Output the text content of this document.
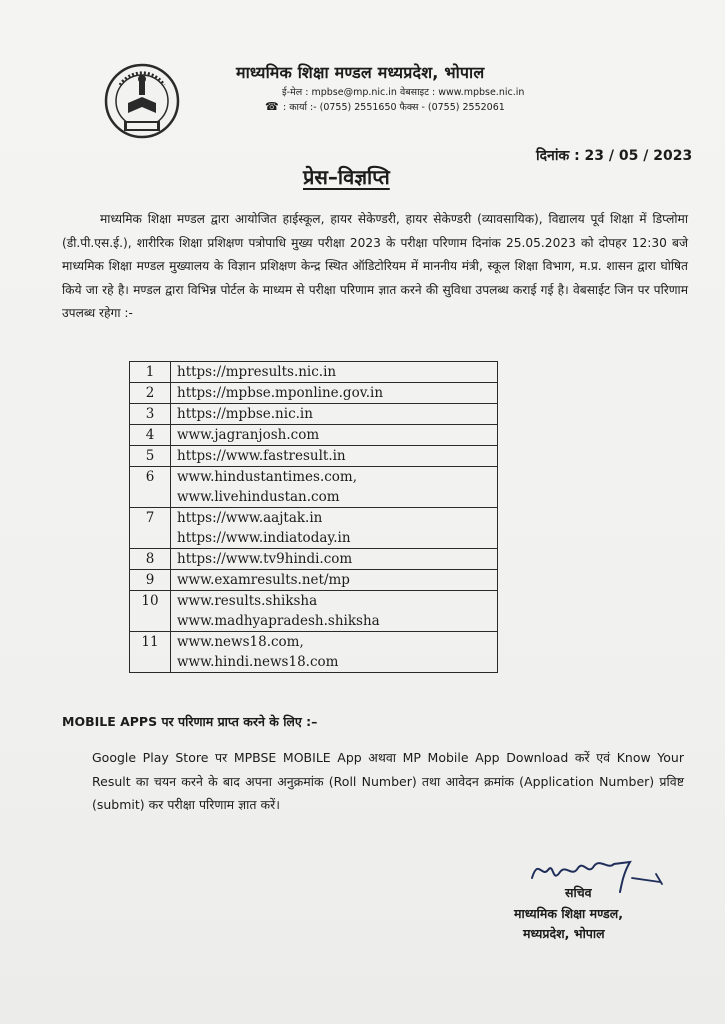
माध्यमिक शिक्षा मण्डल मध्यप्रदेश, भोपाल
ई-मेल : mpbse@mp.nic.in वेबसाइट : www.mpbse.nic.in
☎ : कार्या :- (0755) 2551650 फैक्स - (0755) 2552061
दिनांक : 23 / 05 / 2023
प्रेस–विज्ञप्ति
माध्यमिक शिक्षा मण्डल द्वारा आयोजित हाईस्कूल, हायर सेकेण्डरी, हायर सेकेण्डरी (व्यावसायिक), विद्यालय पूर्व शिक्षा में डिप्लोमा (डी.पी.एस.ई.), शारीरिक शिक्षा प्रशिक्षण पत्रोपाधि मुख्य परीक्षा 2023 के परीक्षा परिणाम दिनांक 25.05.2023 को दोपहर 12:30 बजे माध्यमिक शिक्षा मण्डल मुख्यालय के विज्ञान प्रशिक्षण केन्द्र स्थित ऑडिटोरियम में माननीय मंत्री, स्कूल शिक्षा विभाग, म.प्र. शासन द्वारा घोषित किये जा रहे है। मण्डल द्वारा विभिन्न पोर्टल के माध्यम से परीक्षा परिणाम ज्ञात करने की सुविधा उपलब्ध कराई गई है। वेबसाईट जिन पर परिणाम उपलब्ध रहेगा :-
1	https://mpresults.nic.in

2	https://mpbse.mponline.gov.in

3	https://mpbse.nic.in

4	www.jagranjosh.com

5	https://www.fastresult.in

6	www.hindustantimes.com,
www.livehindustan.com

7	https://www.aajtak.in
https://www.indiatoday.in

8	https://www.tv9hindi.com

9	www.examresults.net/mp

10	www.results.shiksha
www.madhyapradesh.shiksha

11	www.news18.com,
www.hindi.news18.com
MOBILE APPS पर परिणाम प्राप्त करने के लिए :–
Google Play Store पर MPBSE MOBILE App अथवा MP Mobile App Download करें एवं Know Your Result का चयन करने के बाद अपना अनुक्रमांक (Roll Number) तथा आवेदन क्रमांक (Application Number) प्रविष्ट (submit) कर परीक्षा परिणाम ज्ञात करें।
सचिव
माध्यमिक शिक्षा मण्डल,
मध्यप्रदेश, भोपाल
